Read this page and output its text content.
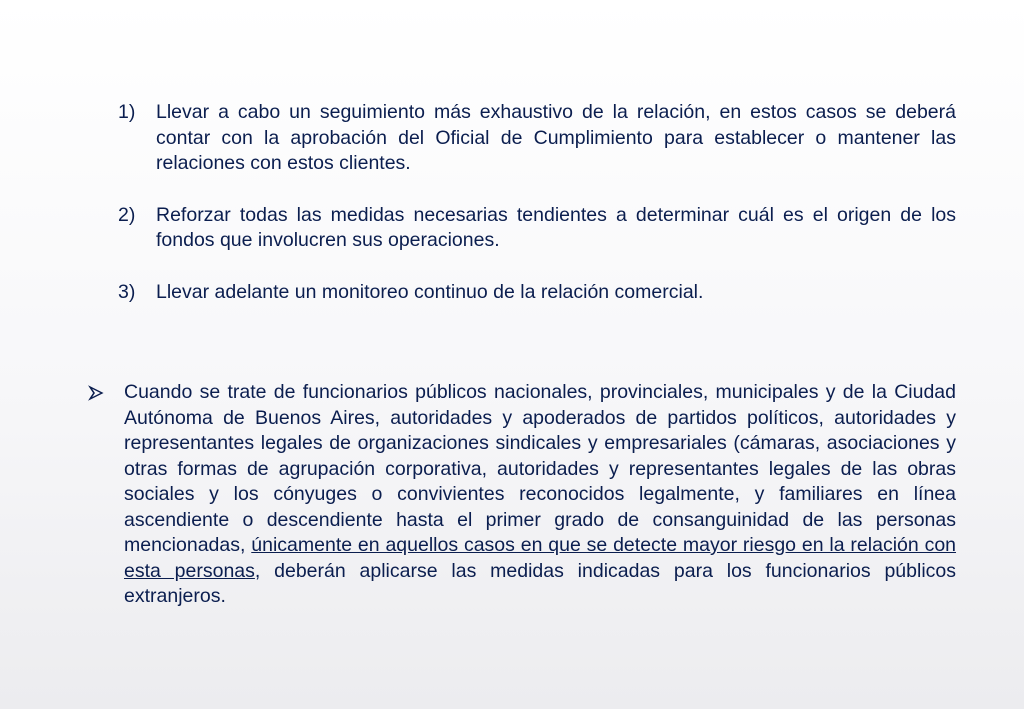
1)	Llevar a cabo un seguimiento más exhaustivo de la relación, en estos casos se deberá contar con la aprobación del Oficial de Cumplimiento para establecer o mantener las relaciones con estos clientes.
2)	Reforzar todas las medidas necesarias tendientes a determinar cuál es el origen de los fondos que involucren sus operaciones.
3)	Llevar adelante un monitoreo continuo de la relación comercial.

Cuando se trate de funcionarios públicos nacionales, provinciales, municipales y de la Ciudad Autónoma de Buenos Aires, autoridades y apoderados de partidos políticos, autoridades y representantes legales de organizaciones sindicales y empresariales (cámaras, asociaciones y otras formas de agrupación corporativa, autoridades y representantes legales de las obras sociales y los cónyuges o convivientes reconocidos legalmente, y familiares en línea ascendiente o descendiente hasta el primer grado de consanguinidad de las personas mencionadas, únicamente en aquellos casos en que se detecte mayor riesgo en la relación con esta personas, deberán aplicarse las medidas indicadas para los funcionarios públicos extranjeros.
